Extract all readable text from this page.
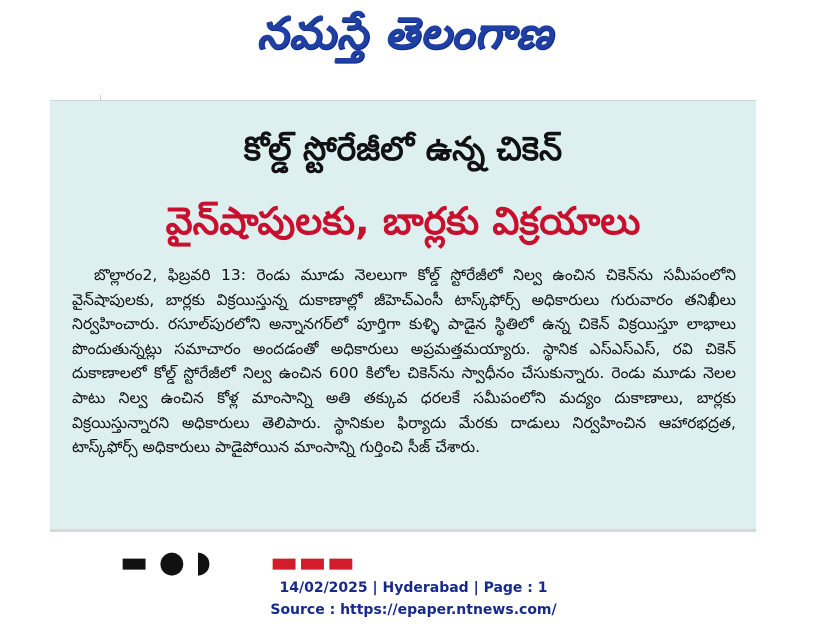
నమస్తే తెలంగాణ
కోల్డ్ స్టోరేజీలో ఉన్న చికెన్
వైన్‌షాపులకు, బార్లకు విక్రయాలు
బొల్లారం2, ఫిబ్రవరి 13: రెండు మూడు నెలలుగా కోల్డ్ స్టోరేజీలో నిల్వ ఉంచిన చికెన్‌ను సమీపంలోని వైన్‌షాపులకు, బార్లకు విక్రయిస్తున్న దుకాణాల్లో జీహెచ్‌ఎంసీ టాస్క్‌ఫోర్స్ అధికారులు గురువారం తనిఖీలు నిర్వహించారు. రసూల్‌పురలోని అన్నానగర్‌లో పూర్తిగా కుళ్ళి పాడైన స్థితిలో ఉన్న చికెన్ విక్రయిస్తూ లాభాలు పొందుతున్నట్లు సమాచారం అందడంతో అధికారులు అప్రమత్తమయ్యారు. స్థానిక ఎస్‌ఎస్‌ఎస్, రవి చికెన్ దుకాణాలలో కోల్డ్ స్టోరేజీలో నిల్వ ఉంచిన 600 కిలోల చికెన్‌ను స్వాధీనం చేసుకున్నారు. రెండు మూడు నెలల పాటు నిల్వ ఉంచిన కోళ్ల మాంసాన్ని అతి తక్కువ ధరలకే సమీపంలోని మద్యం దుకాణాలు, బార్లకు విక్రయిస్తున్నారని అధికారులు తెలిపారు. స్థానికుల ఫిర్యాదు మేరకు దాడులు నిర్వహించిన ఆహారభద్రత, టాస్క్‌ఫోర్స్ అధికారులు పాడైపోయిన మాంసాన్ని గుర్తించి సీజ్ చేశారు.
▬ ● ◗ ▬▬▬
14/02/2025 | Hyderabad | Page : 1
Source : https://epaper.ntnews.com/
